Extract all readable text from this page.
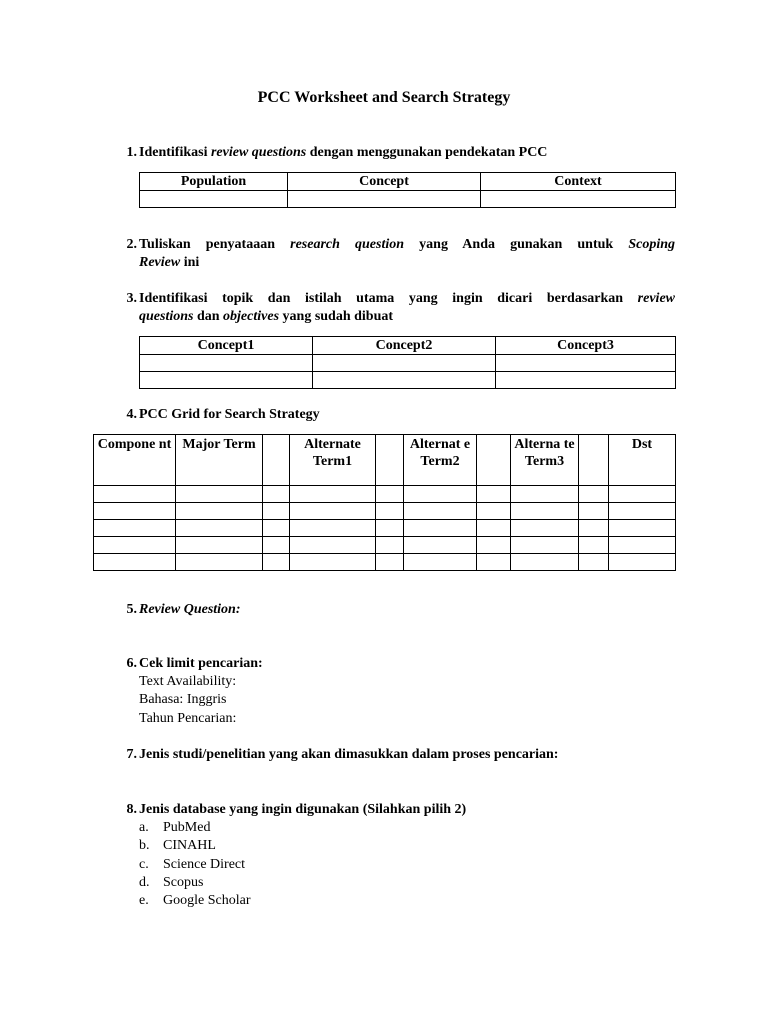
PCC Worksheet and Search Strategy
1. Identifikasi review questions dengan menggunakan pendekatan PCC
Population	Concept	Context

2. Tuliskan penyataaan research question yang Anda gunakan untuk Scoping
Review ini
3. Identifikasi topik dan istilah utama yang ingin dicari berdasarkan review
questions dan objectives yang sudah dibuat
Concept1	Concept2	Concept3

4. PCC Grid for Search Strategy
Compone nt	Major Term		Alternate Term1		Alternat e Term2		Alterna te Term3		Dst

5. Review Question:
6. Cek limit pencarian:
Text Availability:
Bahasa: Inggris
Tahun Pencarian:
7. Jenis studi/penelitian yang akan dimasukkan dalam proses pencarian:
8. Jenis database yang ingin digunakan (Silahkan pilih 2)
a. PubMed
b. CINAHL
c. Science Direct
d. Scopus
e. Google Scholar
